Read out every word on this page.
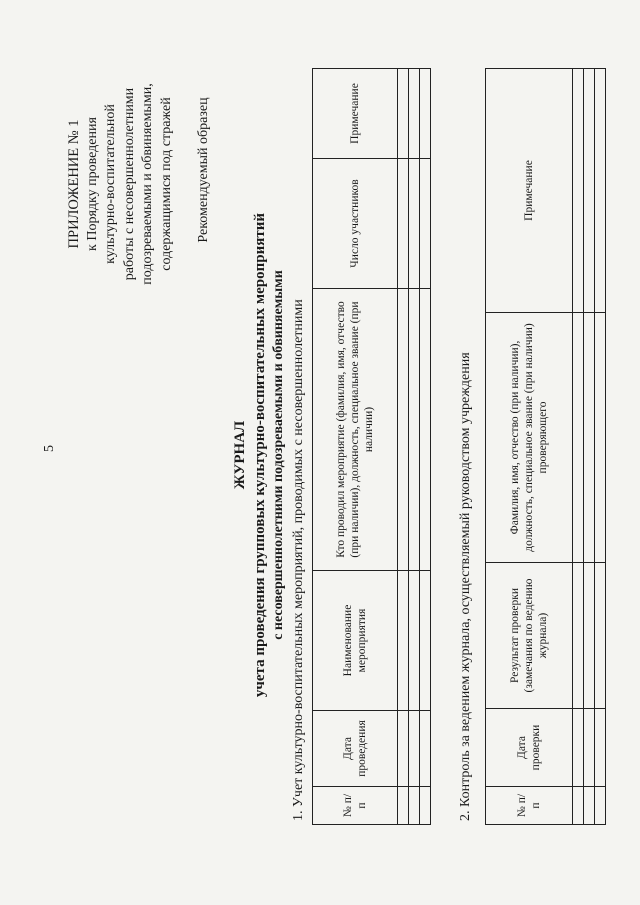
5
ПРИЛОЖЕНИЕ № 1 к Порядку проведения культурно-воспитательной работы с несовершеннолетними подозреваемыми и обвиняемыми, содержащимися под стражей Рекомендуемый образец
ЖУРНАЛ учета проведения групповых культурно-воспитательных мероприятий с несовершеннолетними подозреваемыми и обвиняемыми 1. Учет культурно-воспитательных мероприятий, проводимых с несовершеннолетними	№ п/п	Дата проведения	Наименование мероприятия	Кто проводил мероприятие (фамилия, имя, отчество (при наличии), должность, специальное звание (при наличии)	Число участников	Примечание

2. Контроль за ведением журнала, осуществляемый руководством учреждения	№ п/п	Дата проверки	Результат проверки (замечания по ведению журнала)	Фамилия, имя, отчество (при наличии), должность, специальное звание (при наличии) проверяющего	Примечание
